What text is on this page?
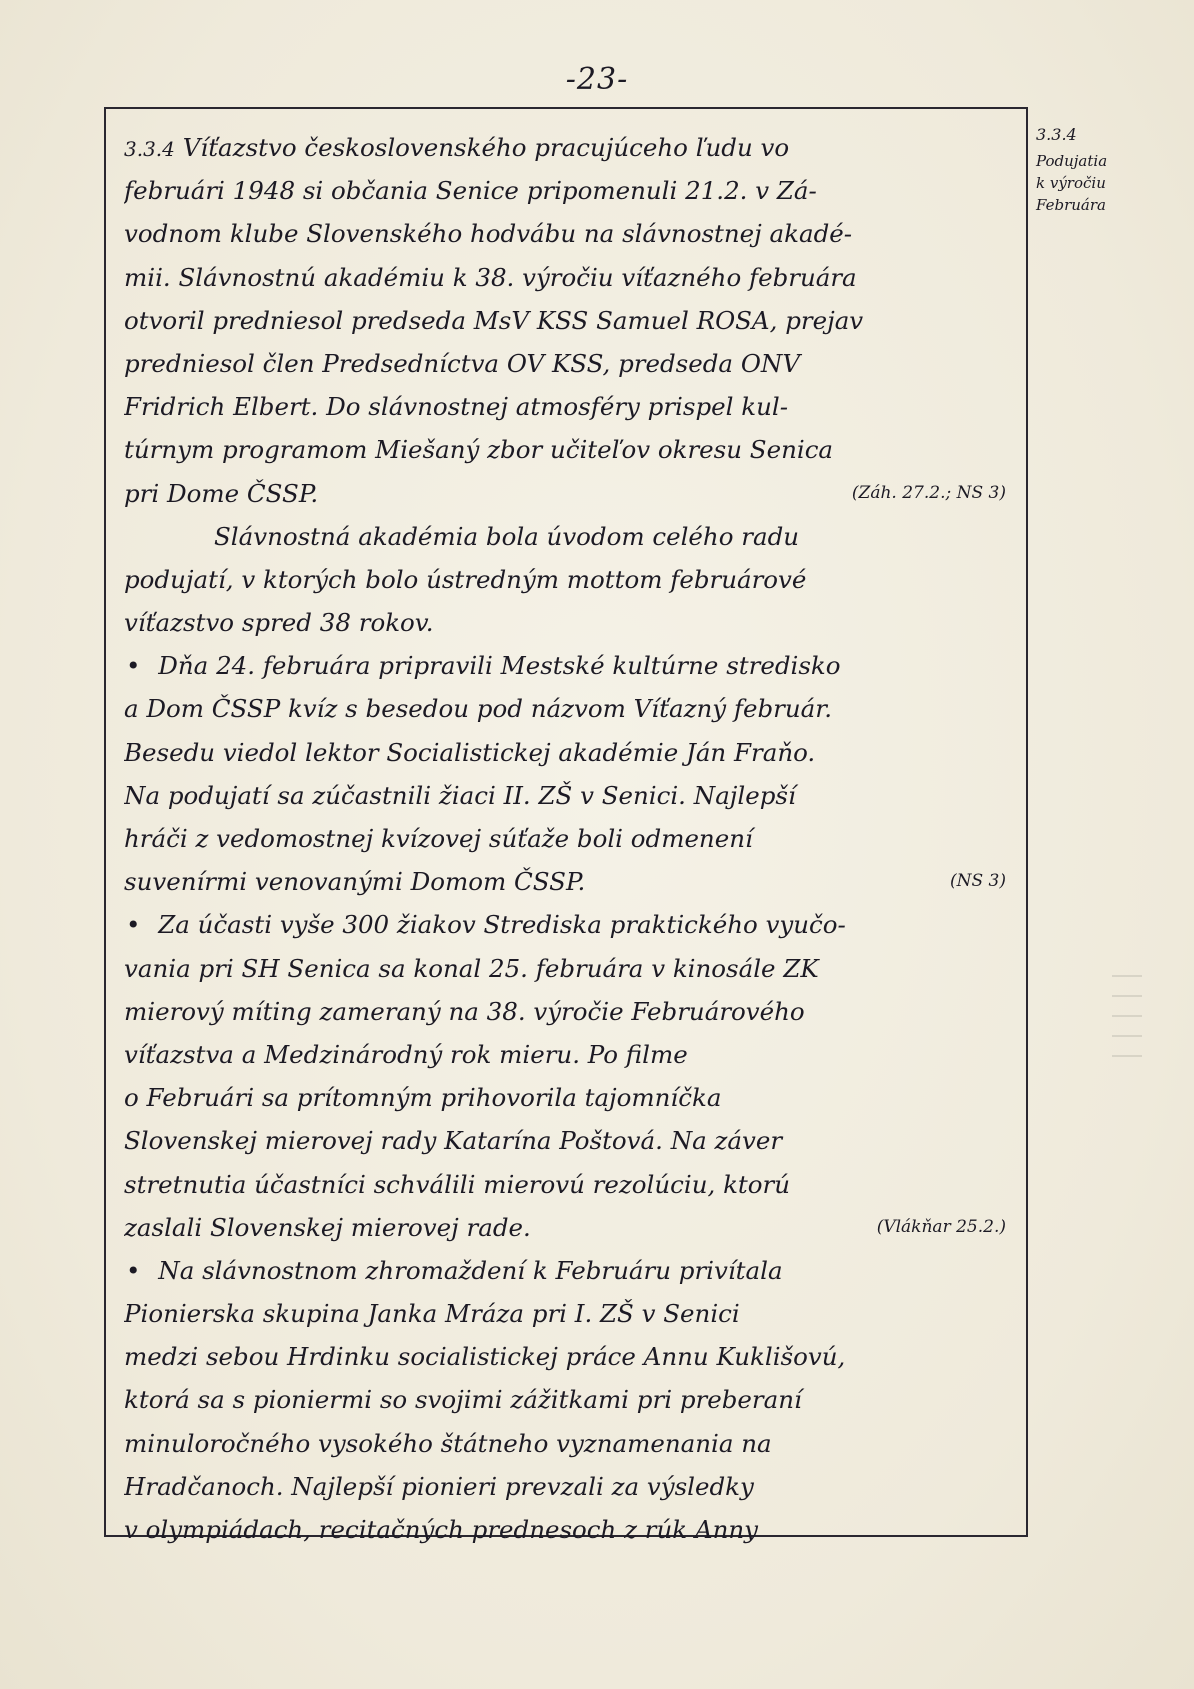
-23-
3.3.4
Podujatia
k výročiu
Februára
3.3.4 Víťazstvo československého pracujúceho ľudu vo
februári 1948 si občania Senice pripomenuli 21.2. v Zá-
vodnom klube Slovenského hodvábu na slávnostnej akadé-
mii. Slávnostnú akadémiu k 38. výročiu víťazného februára
otvoril predniesol predseda MsV KSS Samuel ROSA, prejav
predniesol člen Predsedníctva OV KSS, predseda ONV
Fridrich Elbert. Do slávnostnej atmosféry prispel kul-
túrnym programom Miešaný zbor učiteľov okresu Senica
pri Dome ČSSP.	(Záh. 27.2.; NS 3)
Slávnostná akadémia bola úvodom celého radu
podujatí, v ktorých bolo ústredným mottom februárové
víťazstvo spred 38 rokov.
• Dňa 24. februára pripravili Mestské kultúrne stredisko
a Dom ČSSP kvíz s besedou pod názvom Víťazný február.
Besedu viedol lektor Socialistickej akadémie Ján Fraňo.
Na podujatí sa zúčastnili žiaci II. ZŠ v Senici. Najlepší
hráči z vedomostnej kvízovej súťaže boli odmenení
suvenírmi venovanými Domom ČSSP.	(NS 3)
• Za účasti vyše 300 žiakov Strediska praktického vyučo-
vania pri SH Senica sa konal 25. februára v kinosále ZK
mierový míting zameraný na 38. výročie Februárového
víťazstva a Medzinárodný rok mieru. Po filme
o Februári sa prítomným prihovorila tajomníčka
Slovenskej mierovej rady Katarína Poštová. Na záver
stretnutia účastníci schválili mierovú rezolúciu, ktorú
zaslali Slovenskej mierovej rade.	(Vlákňar 25.2.)
• Na slávnostnom zhromaždení k Februáru privítala
Pionierska skupina Janka Mráza pri I. ZŠ v Senici
medzi sebou Hrdinku socialistickej práce Annu Kuklišovú,
ktorá sa s pioniermi so svojimi zážitkami pri preberaní
minuloročného vysokého štátneho vyznamenania na
Hradčanoch. Najlepší pionieri prevzali za výsledky
v olympiádach, recitačných prednesoch z rúk Anny
